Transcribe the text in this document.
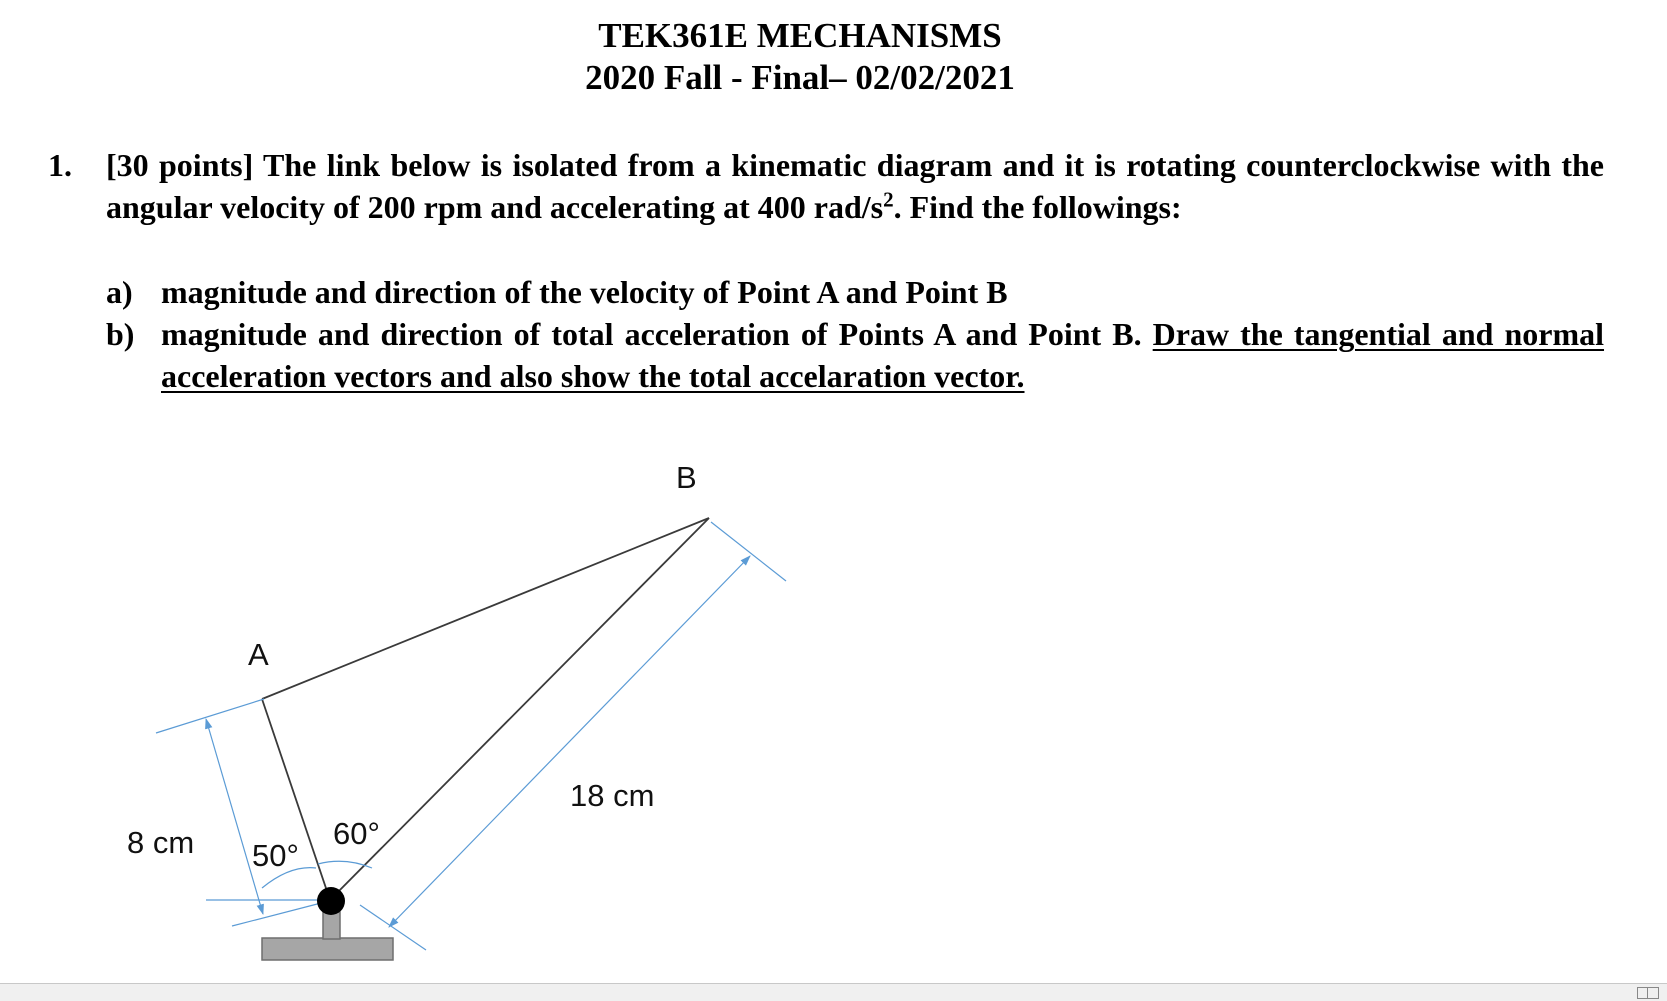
TEK361E MECHANISMS
2020 Fall - Final– 02/02/2021
1. [30 points] The link below is isolated from a kinematic diagram and it is rotating counterclockwise with the angular velocity of 200 rpm and accelerating at 400 rad/$s^2$. Find the followings:
a) magnitude and direction of the velocity of Point A and Point B
b) magnitude and direction of total acceleration of Points A and Point B. Draw the tangential and normal acceleration vectors and also show the total accelaration vector.
B
A
8 cm
18 cm
50°
60°
